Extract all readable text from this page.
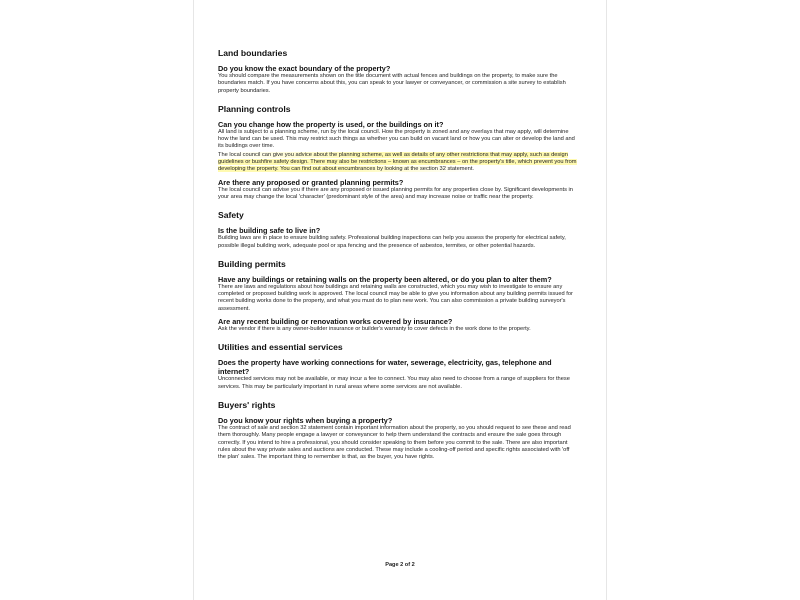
Land boundaries
Do you know the exact boundary of the property?

You should compare the measurements shown on the title document with actual fences and buildings on the property, to make sure the boundaries match. If you have concerns about this, you can speak to your lawyer or conveyancer, or commission a site survey to establish property boundaries.

Planning controls
Can you change how the property is used, or the buildings on it?

All land is subject to a planning scheme, run by the local council. How the property is zoned and any overlays that may apply, will determine how the land can be used. This may restrict such things as whether you can build on vacant land or how you can alter or develop the land and its buildings over time.

The local council can give you advice about the planning scheme, as well as details of any other restrictions that may apply, such as design guidelines or bushfire safety design. There may also be restrictions – known as encumbrances – on the property's title, which prevent you from developing the property. You can find out about encumbrances by looking at the section 32 statement.

Are there any proposed or granted planning permits?

The local council can advise you if there are any proposed or issued planning permits for any properties close by. Significant developments in your area may change the local 'character' (predominant style of the area) and may increase noise or traffic near the property.

Safety
Is the building safe to live in?

Building laws are in place to ensure building safety. Professional building inspections can help you assess the property for electrical safety, possible illegal building work, adequate pool or spa fencing and the presence of asbestos, termites, or other potential hazards.

Building permits
Have any buildings or retaining walls on the property been altered, or do you plan to alter them?

There are laws and regulations about how buildings and retaining walls are constructed, which you may wish to investigate to ensure any completed or proposed building work is approved. The local council may be able to give you information about any building permits issued for recent building works done to the property, and what you must do to plan new work. You can also commission a private building surveyor's assessment.

Are any recent building or renovation works covered by insurance?

Ask the vendor if there is any owner-builder insurance or builder's warranty to cover defects in the work done to the property.

Utilities and essential services
Does the property have working connections for water, sewerage, electricity, gas, telephone and internet?

Unconnected services may not be available, or may incur a fee to connect. You may also need to choose from a range of suppliers for these services. This may be particularly important in rural areas where some services are not available.

Buyers' rights
Do you know your rights when buying a property?

The contract of sale and section 32 statement contain important information about the property, so you should request to see these and read them thoroughly. Many people engage a lawyer or conveyancer to help them understand the contracts and ensure the sale goes through correctly. If you intend to hire a professional, you should consider speaking to them before you commit to the sale. There are also important rules about the way private sales and auctions are conducted. These may include a cooling-off period and specific rights associated with 'off the plan' sales. The important thing to remember is that, as the buyer, you have rights.

Page 2 of 2
